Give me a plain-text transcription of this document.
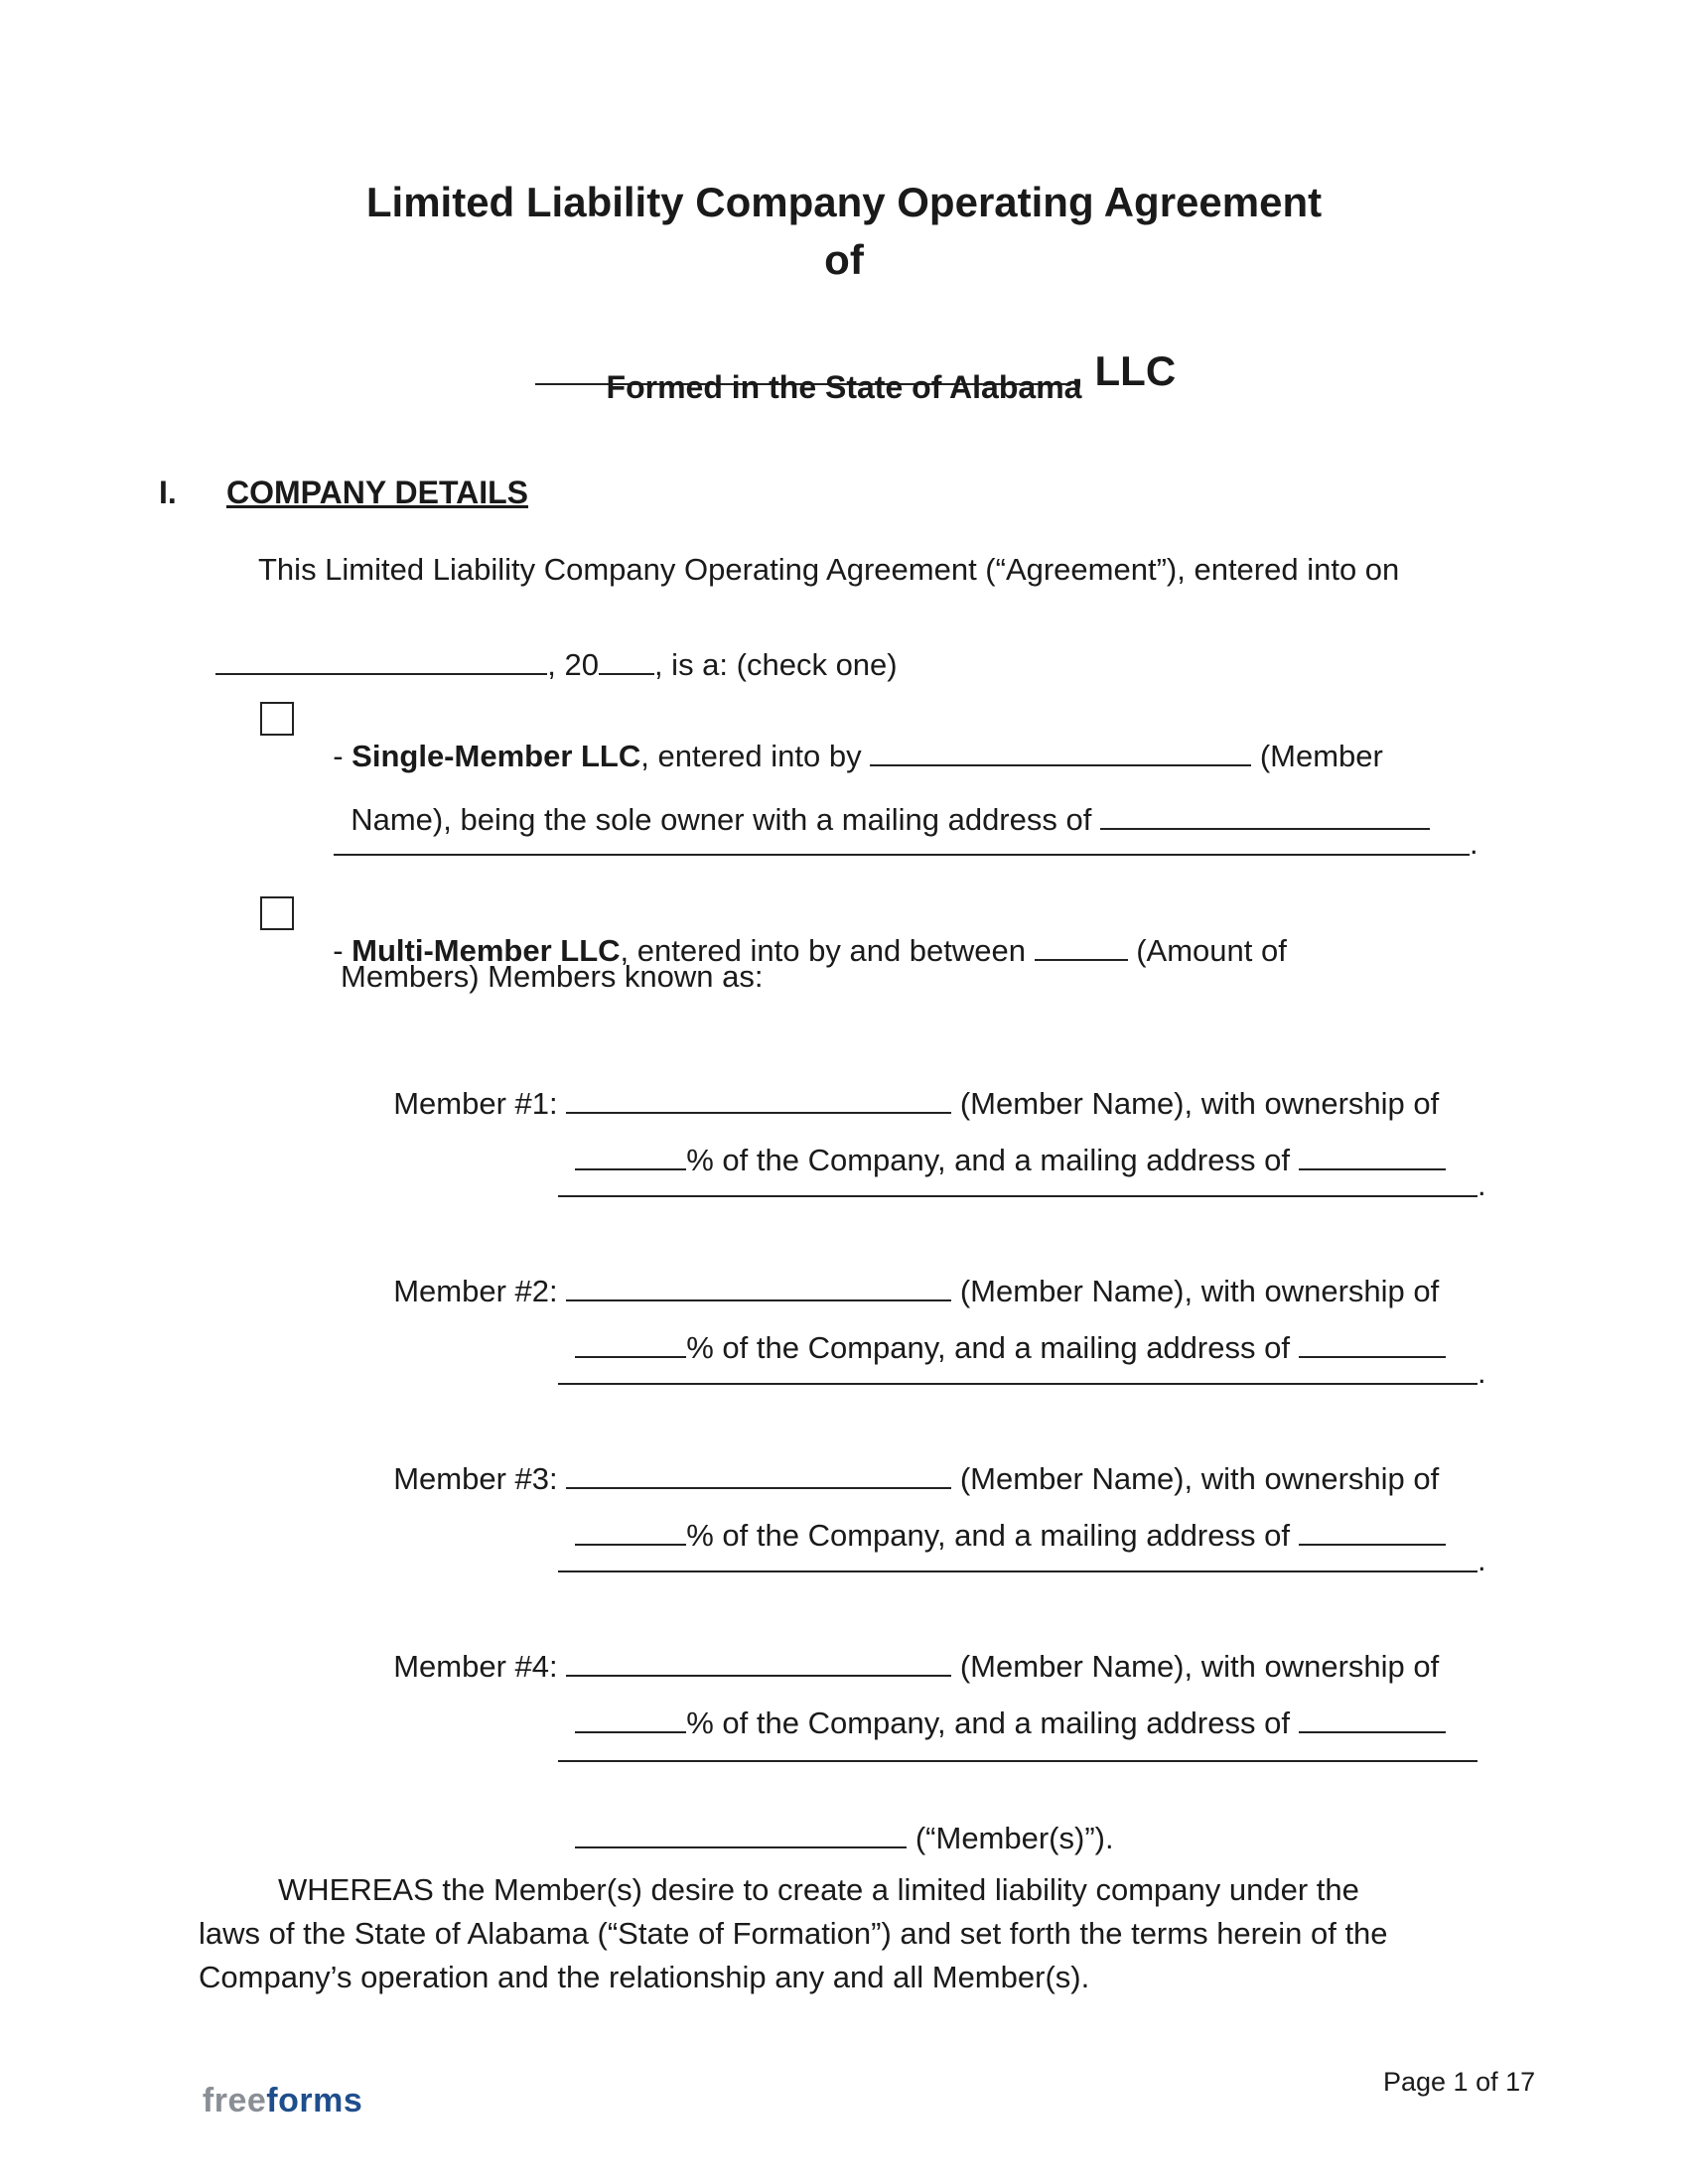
Limited Liability Company Operating Agreement
of

, LLC

Formed in the State of Alabama
I. COMPANY DETAILS
This Limited Liability Company Operating Agreement (“Agreement”), entered into on

, 20 , is a: (check one)

- Single-Member LLC, entered into by	(Member

Name), being the sole owner with a mailing address of

.

- Multi-Member LLC, entered into by and between	(Amount of

Members) Members known as:

Member #1:	(Member Name), with ownership of

% of the Company, and a mailing address of

.

Member #2:	(Member Name), with ownership of

% of the Company, and a mailing address of

.

Member #3:	(Member Name), with ownership of

% of the Company, and a mailing address of

.

Member #4:	(Member Name), with ownership of

% of the Company, and a mailing address of

(“Member(s)”).

WHEREAS the Member(s) desire to create a limited liability company under the
laws of the State of Alabama (“State of Formation”) and set forth the terms herein of the
Company’s operation and the relationship any and all Member(s).

freeforms	Page 1 of 17
